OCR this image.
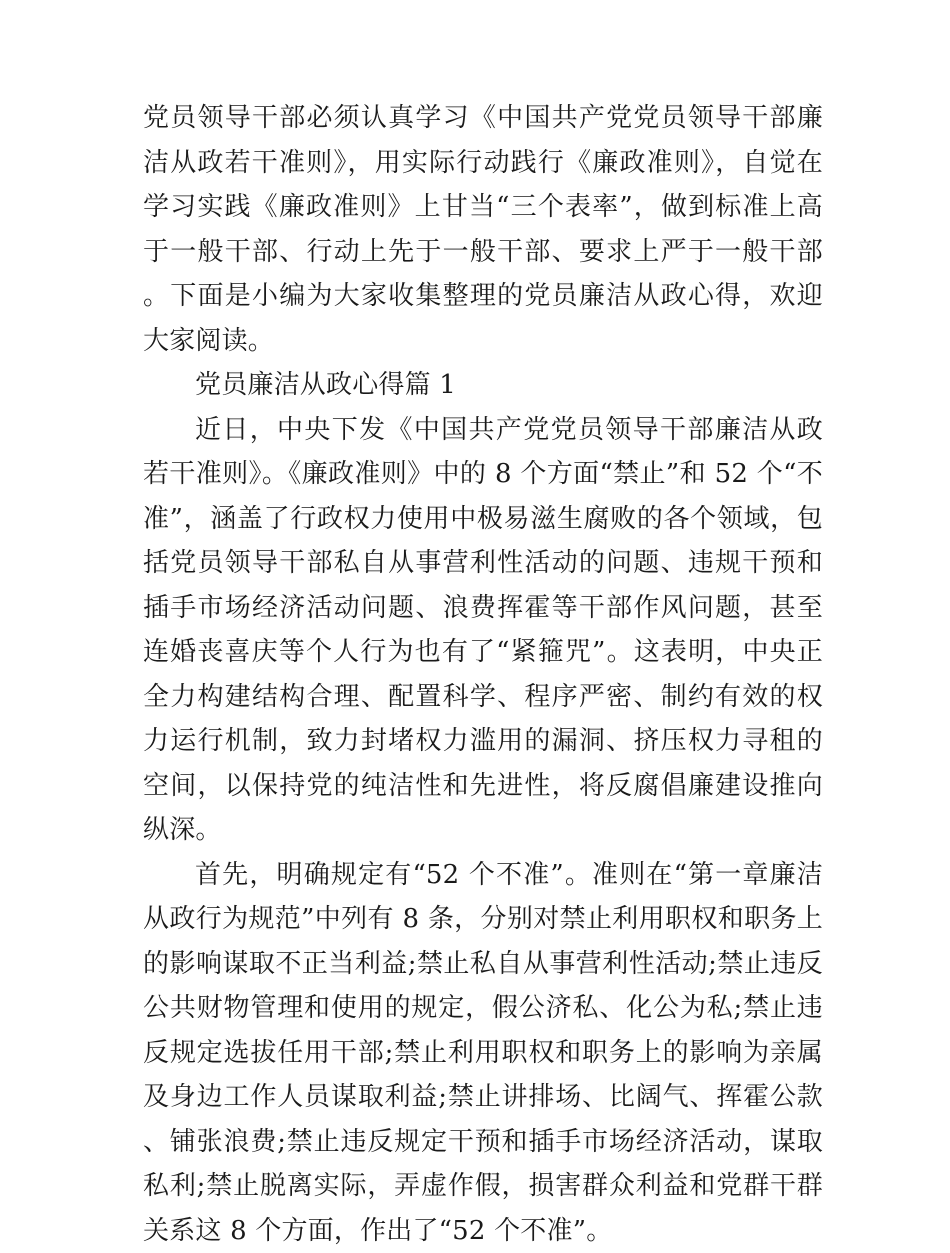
党员领导干部必须认真学习《中国共产党党员领导干部廉洁从政若干准则》，用实际行动践行《廉政准则》，自觉在学习实践《廉政准则》上甘当“三个表率”，做到标准上高于一般干部、行动上先于一般干部、要求上严于一般干部。下面是小编为大家收集整理的党员廉洁从政心得，欢迎大家阅读。

党员廉洁从政心得篇 1

近日，中央下发《中国共产党党员领导干部廉洁从政若干准则》。《廉政准则》中的 8 个方面“禁止”和 52 个“不准”，涵盖了行政权力使用中极易滋生腐败的各个领域，包括党员领导干部私自从事营利性活动的问题、违规干预和插手市场经济活动问题、浪费挥霍等干部作风问题，甚至连婚丧喜庆等个人行为也有了“紧箍咒”。这表明，中央正全力构建结构合理、配置科学、程序严密、制约有效的权力运行机制，致力封堵权力滥用的漏洞、挤压权力寻租的空间，以保持党的纯洁性和先进性，将反腐倡廉建设推向纵深。

首先，明确规定有“52 个不准”。准则在“第一章廉洁从政行为规范”中列有 8 条，分别对禁止利用职权和职务上的影响谋取不正当利益;禁止私自从事营利性活动;禁止违反公共财物管理和使用的规定，假公济私、化公为私;禁止违反规定选拔任用干部;禁止利用职权和职务上的影响为亲属及身边工作人员谋取利益;禁止讲排场、比阔气、挥霍公款、铺张浪费;禁止违反规定干预和插手市场经济活动，谋取私利;禁止脱离实际，弄虚作假，损害群众利益和党群干群关系这 8 个方面，作出了“52 个不准”。
